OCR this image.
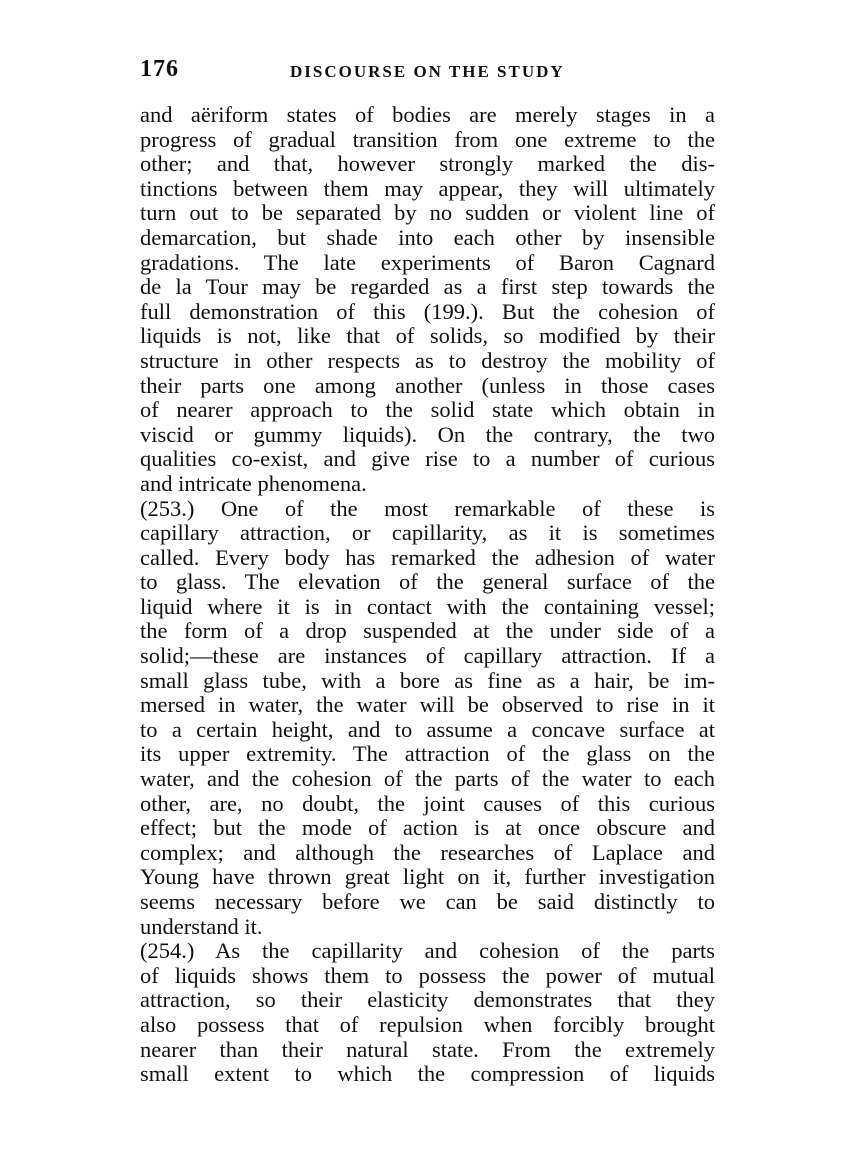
176	DISCOURSE ON THE STUDY
and aëriform states of bodies are merely stages in a
progress of gradual transition from one extreme to the
other; and that, however strongly marked the dis-
tinctions between them may appear, they will ultimately
turn out to be separated by no sudden or violent line of
demarcation, but shade into each other by insensible
gradations. The late experiments of Baron Cagnard
de la Tour may be regarded as a first step towards the
full demonstration of this (199.). But the cohesion of
liquids is not, like that of solids, so modified by their
structure in other respects as to destroy the mobility of
their parts one among another (unless in those cases
of nearer approach to the solid state which obtain in
viscid or gummy liquids). On the contrary, the two
qualities co-exist, and give rise to a number of curious
and intricate phenomena.
(253.) One of the most remarkable of these is
capillary attraction, or capillarity, as it is sometimes
called. Every body has remarked the adhesion of water
to glass. The elevation of the general surface of the
liquid where it is in contact with the containing vessel;
the form of a drop suspended at the under side of a
solid;—these are instances of capillary attraction. If a
small glass tube, with a bore as fine as a hair, be im-
mersed in water, the water will be observed to rise in it
to a certain height, and to assume a concave surface at
its upper extremity. The attraction of the glass on the
water, and the cohesion of the parts of the water to each
other, are, no doubt, the joint causes of this curious
effect; but the mode of action is at once obscure and
complex; and although the researches of Laplace and
Young have thrown great light on it, further investigation
seems necessary before we can be said distinctly to
understand it.
(254.) As the capillarity and cohesion of the parts
of liquids shows them to possess the power of mutual
attraction, so their elasticity demonstrates that they
also possess that of repulsion when forcibly brought
nearer than their natural state. From the extremely
small extent to which the compression of liquids
